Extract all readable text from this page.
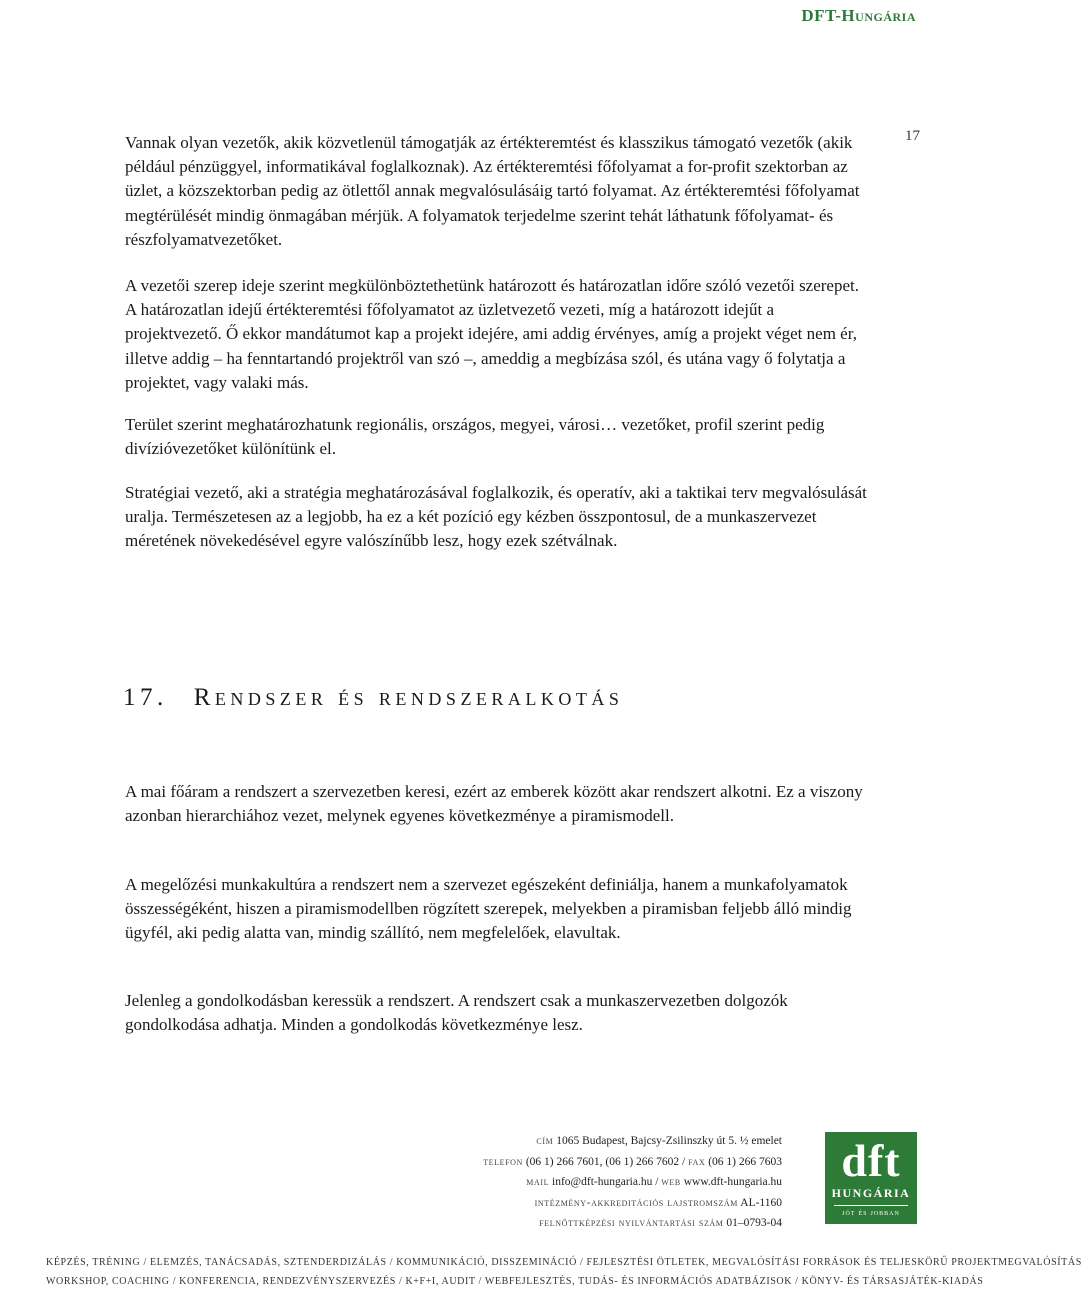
DFT-Hungária
17

Vannak olyan vezetők, akik közvetlenül támogatják az értékteremtést és klasszikus támogató vezetők (akik például pénzüggyel, informatikával foglalkoznak). Az értékteremtési főfolyamat a for-profit szektorban az üzlet, a közszektorban pedig az ötlettől annak megvalósulásáig tartó folyamat. Az értékteremtési főfolyamat megtérülését mindig önmagában mérjük. A folyamatok terjedelme szerint tehát láthatunk főfolyamat- és részfolyamatvezetőket.

A vezetői szerep ideje szerint megkülönböztethetünk határozott és határozatlan időre szóló vezetői szerepet. A határozatlan idejű értékteremtési főfolyamatot az üzletvezető vezeti, míg a határozott idejűt a projektvezető. Ő ekkor mandátumot kap a projekt idejére, ami addig érvényes, amíg a projekt véget nem ér, illetve addig – ha fenntartandó projektről van szó –, ameddig a megbízása szól, és utána vagy ő folytatja a projektet, vagy valaki más.

Terület szerint meghatározhatunk regionális, országos, megyei, városi… vezetőket, profil szerint pedig divízióvezetőket különítünk el.

Stratégiai vezető, aki a stratégia meghatározásával foglalkozik, és operatív, aki a taktikai terv megvalósulását uralja. Természetesen az a legjobb, ha ez a két pozíció egy kézben összpontosul, de a munkaszervezet méretének növekedésével egyre valószínűbb lesz, hogy ezek szétválnak.

17. Rendszer és rendszeralkotás

A mai főáram a rendszert a szervezetben keresi, ezért az emberek között akar rendszert alkotni. Ez a viszony azonban hierarchiához vezet, melynek egyenes következménye a piramismodell.

A megelőzési munkakultúra a rendszert nem a szervezet egészeként definiálja, hanem a munkafolyamatok összességéként, hiszen a piramismodellben rögzített szerepek, melyekben a piramisban feljebb álló mindig ügyfél, aki pedig alatta van, mindig szállító, nem megfelelőek, elavultak.

Jelenleg a gondolkodásban keressük a rendszert. A rendszert csak a munkaszervezetben dolgozók gondolkodása adhatja. Minden a gondolkodás következménye lesz.

cím 1065 Budapest, Bajcsy-Zsilinszky út 5. ½ emelet
telefon (06 1) 266 7601, (06 1) 266 7602 / fax (06 1) 266 7603
mail info@dft-hungaria.hu / web www.dft-hungaria.hu
intézmény-akkreditációs lajstromszám AL-1160
felnőttképzési nyilvántartási szám 01–0793-04
dft
HUNGÁRIA
jót és jobban
KÉPZÉS, TRÉNING / ELEMZÉS, TANÁCSADÁS, SZTENDERDIZÁLÁS / KOMMUNIKÁCIÓ, DISSZEMINÁCIÓ / FEJLESZTÉSI ÖTLETEK, MEGVALÓSÍTÁSI FORRÁSOK ÉS TELJESKÖRŰ PROJEKTMEGVALÓSÍTÁS
WORKSHOP, COACHING / KONFERENCIA, RENDEZVÉNYSZERVEZÉS / K+F+I, AUDIT / WEBFEJLESZTÉS, TUDÁS- ÉS INFORMÁCIÓS ADATBÁZISOK / KÖNYV- ÉS TÁRSASJÁTÉK-KIADÁS
